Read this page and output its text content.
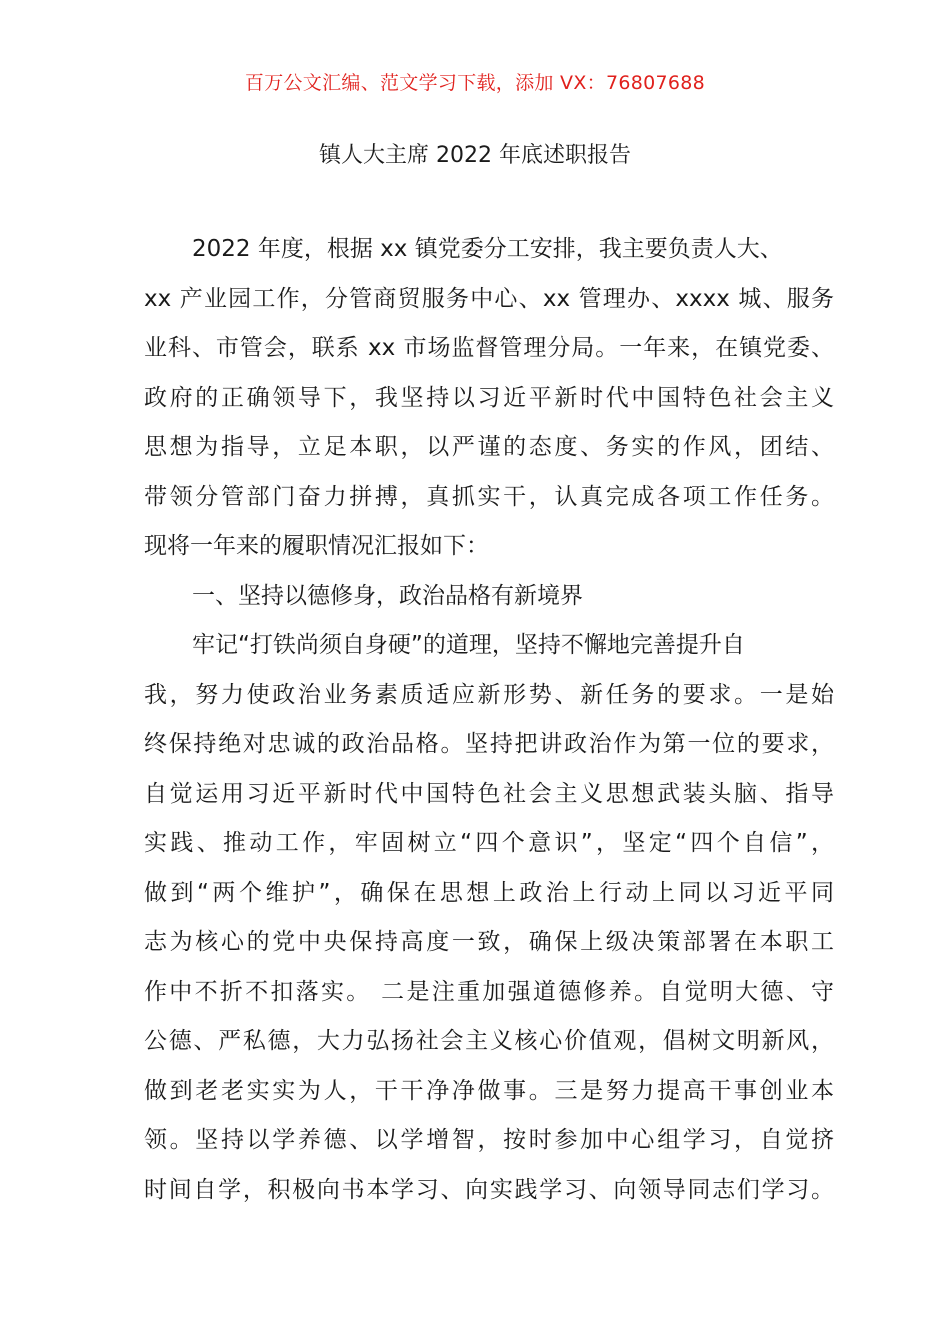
百万公文汇编、范文学习下载，添加 VX：76807688
镇人大主席 2022 年底述职报告
2022 年度，根据 xx 镇党委分工安排，我主要负责人大、
xx 产业园工作，分管商贸服务中心、xx 管理办、xxxx 城、服务
业科、市管会，联系 xx 市场监督管理分局。一年来，在镇党委、
政府的正确领导下，我坚持以习近平新时代中国特色社会主义
思想为指导，立足本职，以严谨的态度、务实的作风，团结、
带领分管部门奋力拼搏，真抓实干，认真完成各项工作任务。
现将一年来的履职情况汇报如下：
一、坚持以德修身，政治品格有新境界
牢记“打铁尚须自身硬”的道理，坚持不懈地完善提升自
我，努力使政治业务素质适应新形势、新任务的要求。一是始
终保持绝对忠诚的政治品格。坚持把讲政治作为第一位的要求，
自觉运用习近平新时代中国特色社会主义思想武装头脑、指导
实践、推动工作，牢固树立“四个意识”，坚定“四个自信”，
做到“两个维护”，确保在思想上政治上行动上同以习近平同
志为核心的党中央保持高度一致，确保上级决策部署在本职工
作中不折不扣落实。 二是注重加强道德修养。自觉明大德、守
公德、严私德，大力弘扬社会主义核心价值观，倡树文明新风，
做到老老实实为人，干干净净做事。三是努力提高干事创业本
领。坚持以学养德、以学增智，按时参加中心组学习，自觉挤
时间自学，积极向书本学习、向实践学习、向领导同志们学习。
